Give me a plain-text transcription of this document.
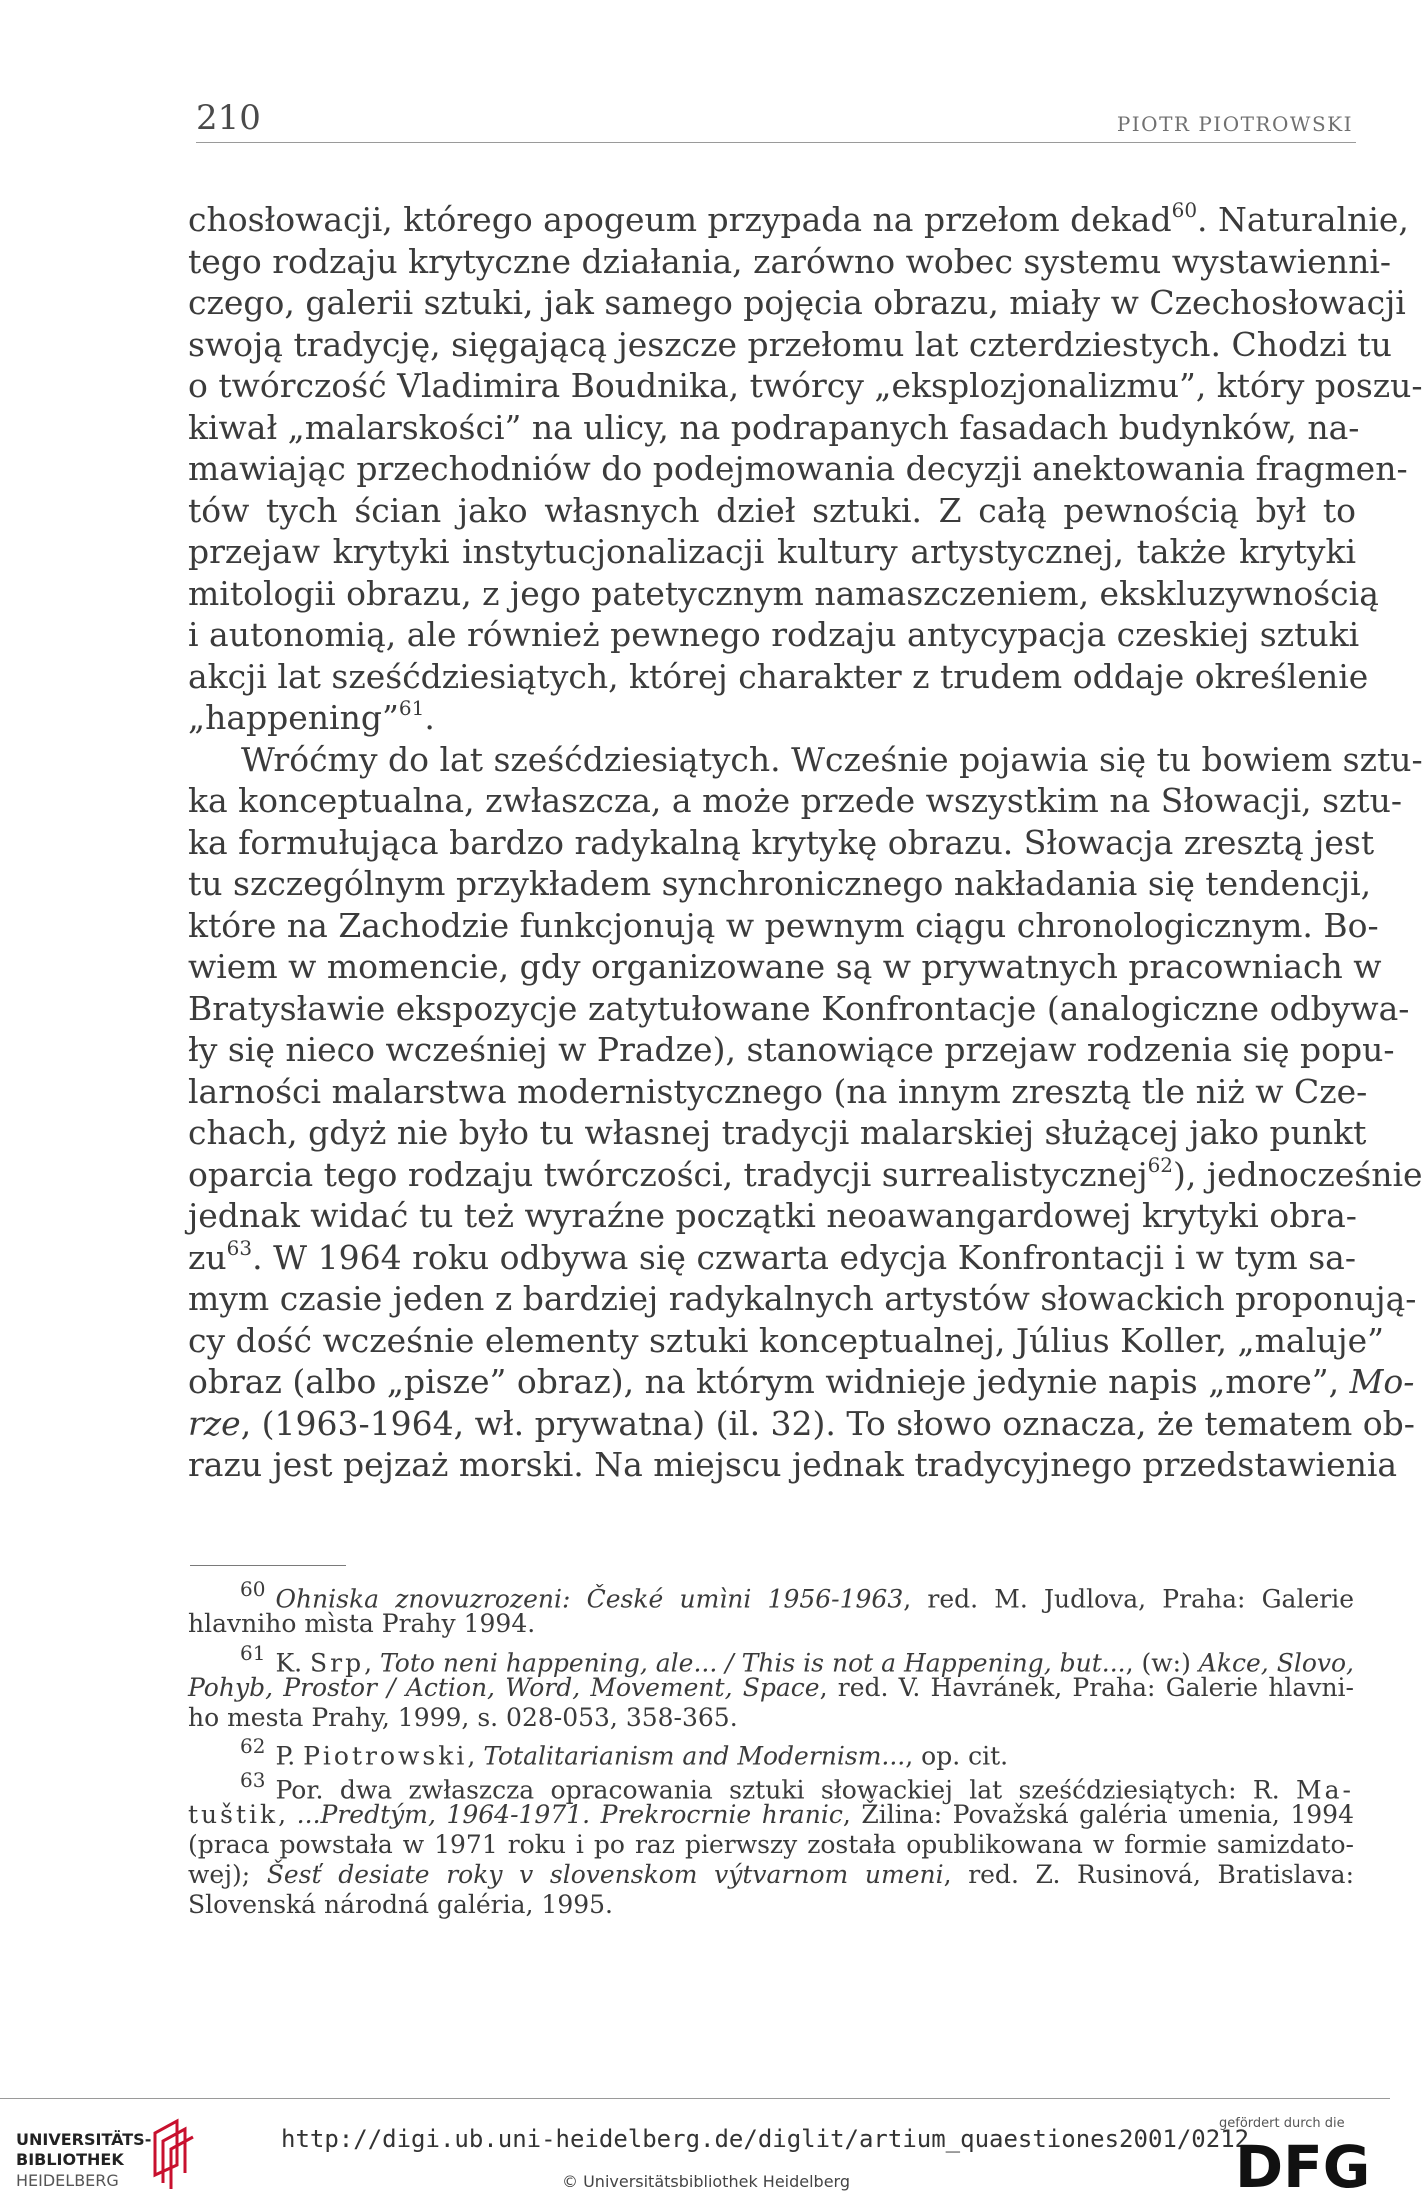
210	PIOTR PIOTROWSKI
chosłowacji, którego apogeum przypada na przełom dekad$^{60}$. Naturalnie,
tego rodzaju krytyczne działania, zarówno wobec systemu wystawienni-
czego, galerii sztuki, jak samego pojęcia obrazu, miały w Czechosłowacji
swoją tradycję, sięgającą jeszcze przełomu lat czterdziestych. Chodzi tu
o twórczość Vladimira Boudnika, twórcy „eksplozjonalizmu”, który poszu-
kiwał „malarskości” na ulicy, na podrapanych fasadach budynków, na-
mawiając przechodniów do podejmowania decyzji anektowania fragmen-
tów tych ścian jako własnych dzieł sztuki. Z całą pewnością był to
przejaw krytyki instytucjonalizacji kultury artystycznej, także krytyki
mitologii obrazu, z jego patetycznym namaszczeniem, ekskluzywnością
i autonomią, ale również pewnego rodzaju antycypacja czeskiej sztuki
akcji lat sześćdziesiątych, której charakter z trudem oddaje określenie
„happening”$^{61}$.
Wróćmy do lat sześćdziesiątych. Wcześnie pojawia się tu bowiem sztu-
ka konceptualna, zwłaszcza, a może przede wszystkim na Słowacji, sztu-
ka formułująca bardzo radykalną krytykę obrazu. Słowacja zresztą jest
tu szczególnym przykładem synchronicznego nakładania się tendencji,
które na Zachodzie funkcjonują w pewnym ciągu chronologicznym. Bo-
wiem w momencie, gdy organizowane są w prywatnych pracowniach w
Bratysławie ekspozycje zatytułowane Konfrontacje (analogiczne odbywa-
ły się nieco wcześniej w Pradze), stanowiące przejaw rodzenia się popu-
larności malarstwa modernistycznego (na innym zresztą tle niż w Cze-
chach, gdyż nie było tu własnej tradycji malarskiej służącej jako punkt
oparcia tego rodzaju twórczości, tradycji surrealistycznej$^{62}$), jednocześnie
jednak widać tu też wyraźne początki neoawangardowej krytyki obra-
zu$^{63}$. W 1964 roku odbywa się czwarta edycja Konfrontacji i w tym sa-
mym czasie jeden z bardziej radykalnych artystów słowackich proponują-
cy dość wcześnie elementy sztuki konceptualnej, Július Koller, „maluje”
obraz (albo „pisze” obraz), na którym widnieje jedynie napis „more”, Mo-
rze, (1963-1964, wł. prywatna) (il. 32). To słowo oznacza, że tematem ob-
razu jest pejzaż morski. Na miejscu jednak tradycyjnego przedstawienia
$^{60}$ Ohniska znovuzrozeni: České umìni 1956-1963, red. M. Judlova, Praha: Galerie
hlavniho mìsta Prahy 1994.
$^{61}$ K. Srp, Toto neni happening, ale... / This is not a Happening, but..., (w:) Akce, Slovo,
Pohyb, Prostor / Action, Word, Movement, Space, red. V. Havránek, Praha: Galerie hlavni-
ho mesta Prahy, 1999, s. 028-053, 358-365.
$^{62}$ P. Piotrowski, Totalitarianism and Modernism..., op. cit.
$^{63}$ Por. dwa zwłaszcza opracowania sztuki słowackiej lat sześćdziesiątych: R. Ma-
tuštik, ...Predtým, 1964-1971. Prekrocrnie hranic, Žilina: Považská galéria umenia, 1994
(praca powstała w 1971 roku i po raz pierwszy została opublikowana w formie samizdato-
wej); Šesť desiate roky v slovenskom výtvarnom umeni, red. Z. Rusinová, Bratislava:
Slovenská národná galéria, 1995.
UNIVERSITÄTS-
BIBLIOTHEK
HEIDELBERG
http://digi.ub.uni-heidelberg.de/diglit/artium_quaestiones2001/0212
© Universitätsbibliothek Heidelberg
gefördert durch die
DFG
